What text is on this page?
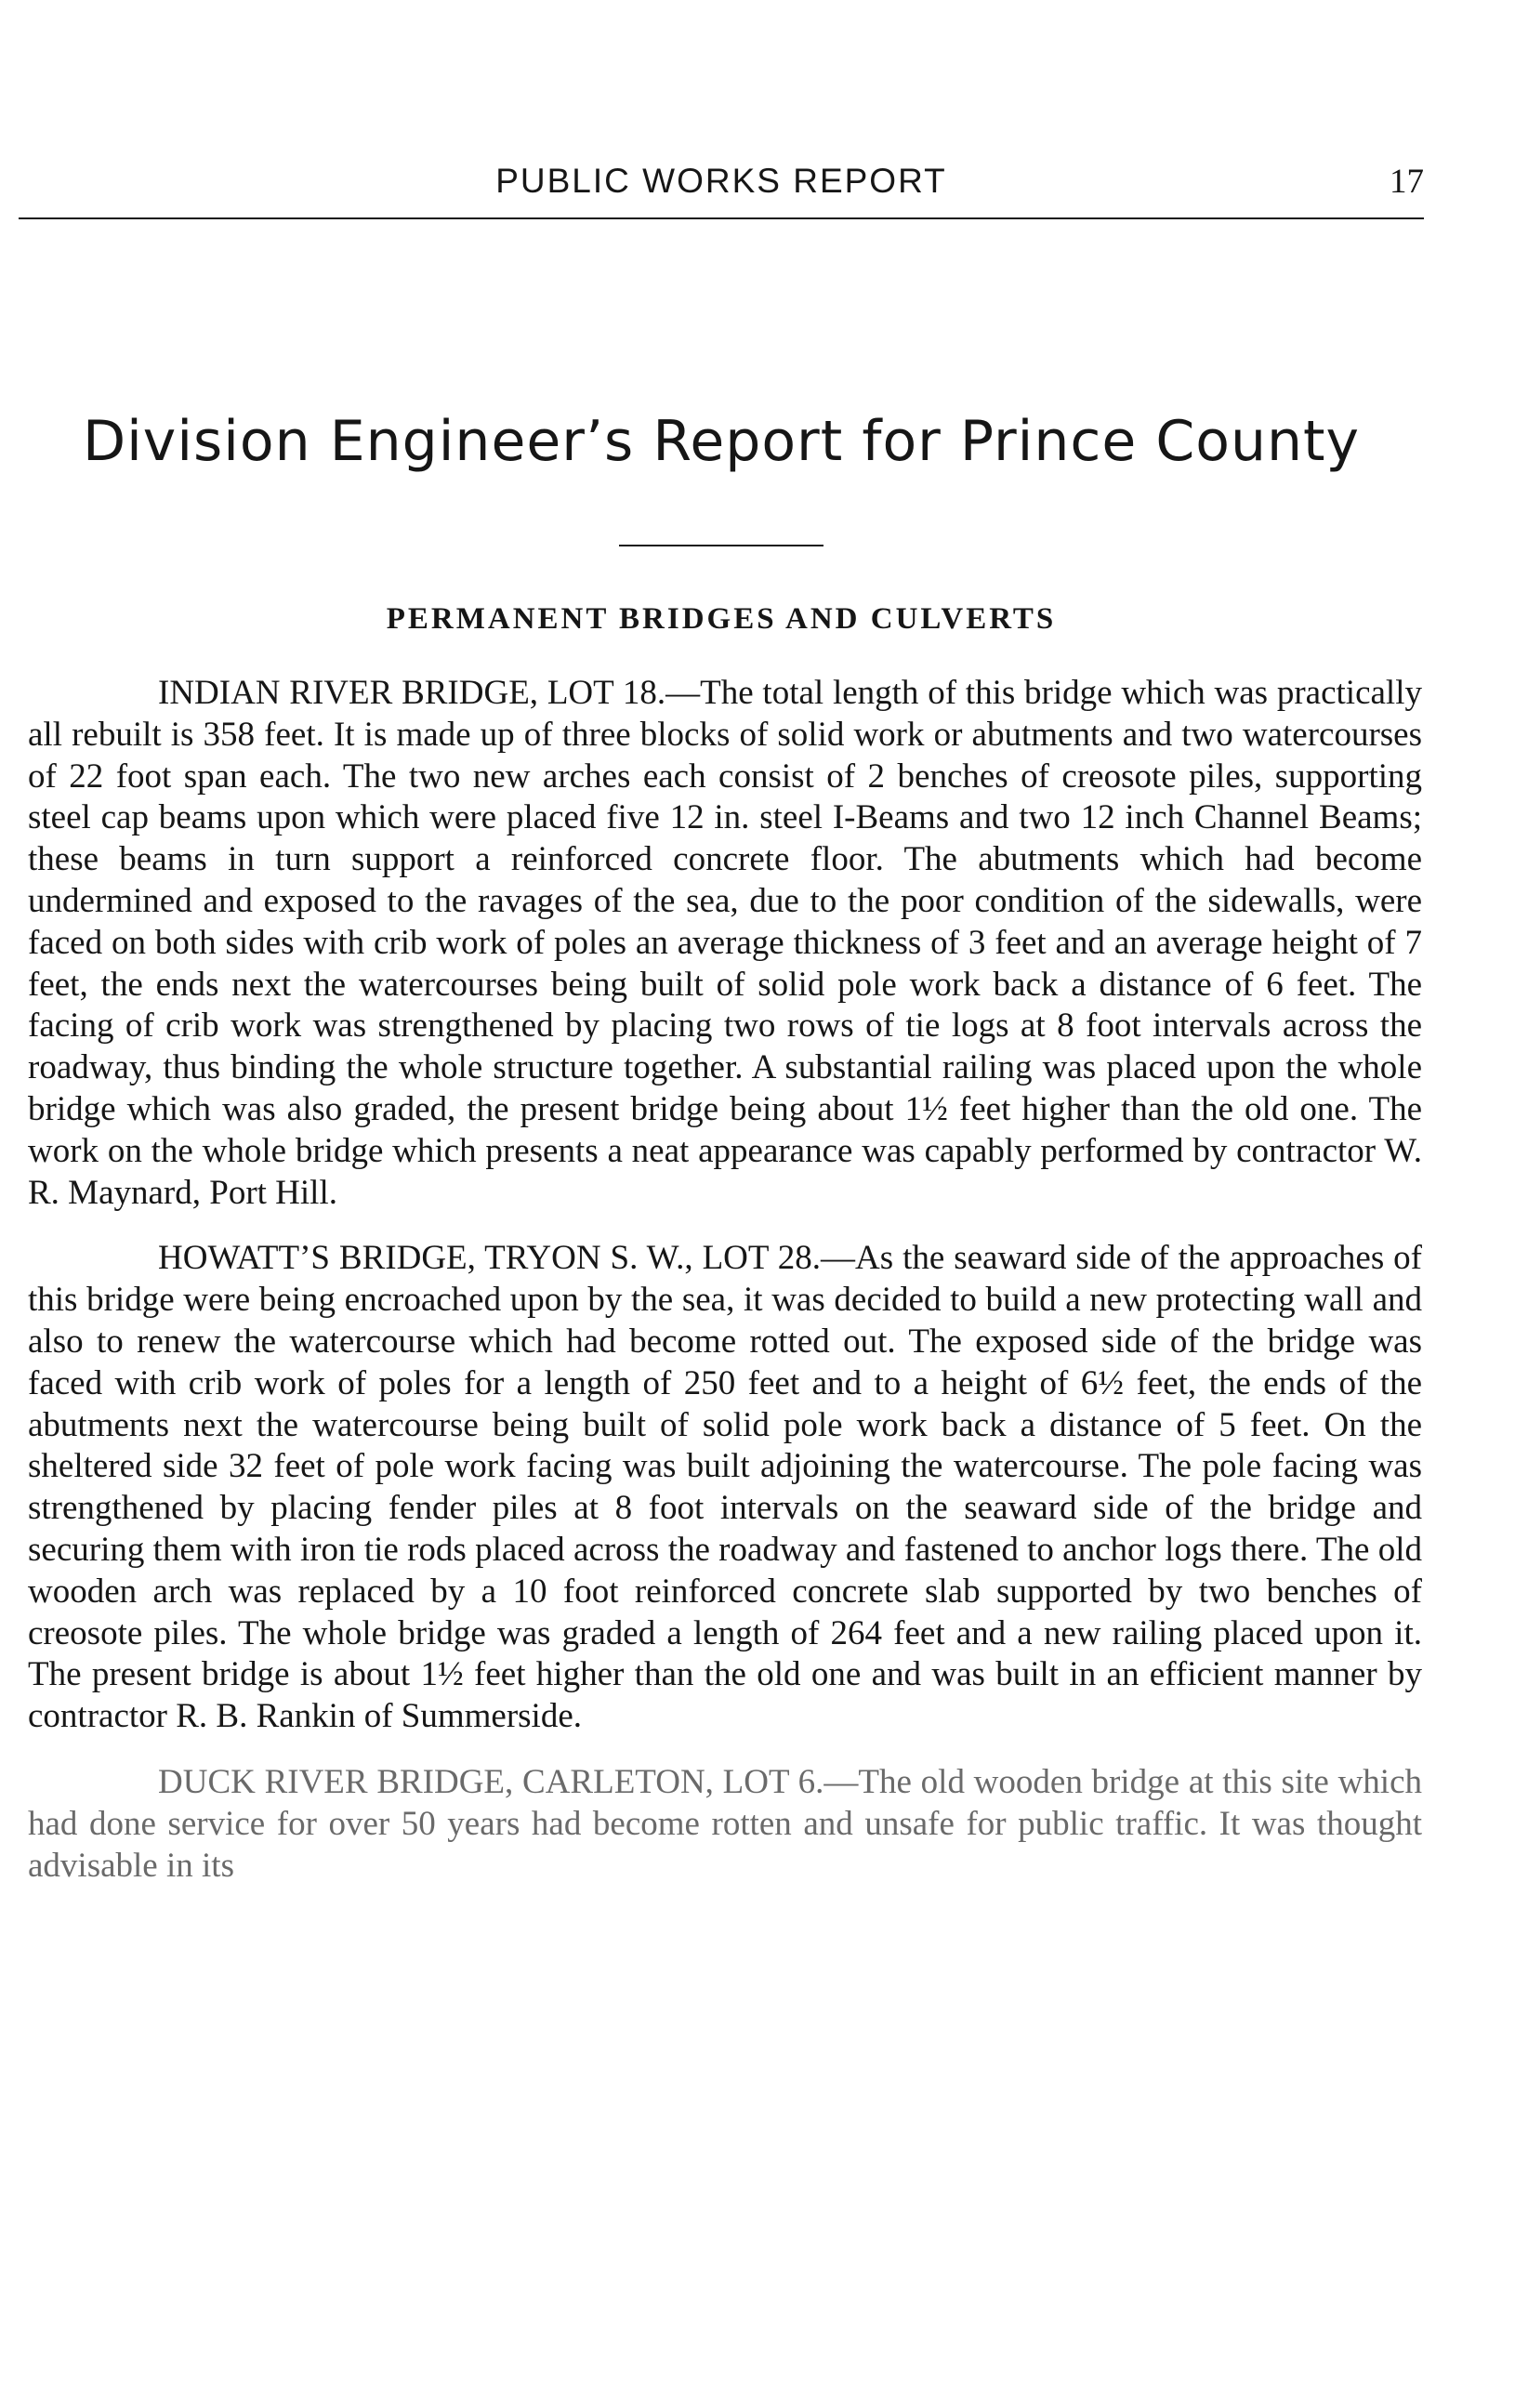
PUBLIC WORKS REPORT	17
Division Engineer’s Report for Prince County
PERMANENT BRIDGES AND CULVERTS

INDIAN RIVER BRIDGE, LOT 18.—The total length of this bridge which was practically all rebuilt is 358 feet. It is made up of three blocks of solid work or abutments and two watercourses of 22 foot span each. The two new arches each consist of 2 benches of creosote piles, supporting steel cap beams upon which were placed five 12 in. steel I-Beams and two 12 inch Channel Beams; these beams in turn support a reinforced concrete floor. The abutments which had become undermined and exposed to the ravages of the sea, due to the poor condition of the sidewalls, were faced on both sides with crib work of poles an average thickness of 3 feet and an average height of 7 feet, the ends next the watercourses being built of solid pole work back a distance of 6 feet. The facing of crib work was strengthened by placing two rows of tie logs at 8 foot intervals across the roadway, thus binding the whole structure together. A substantial railing was placed upon the whole bridge which was also graded, the present bridge being about 1½ feet higher than the old one. The work on the whole bridge which presents a neat appearance was capably performed by contractor W. R. Maynard, Port Hill.

HOWATT’S BRIDGE, TRYON S. W., LOT 28.—As the seaward side of the approaches of this bridge were being encroached upon by the sea, it was decided to build a new protecting wall and also to renew the watercourse which had become rotted out. The exposed side of the bridge was faced with crib work of poles for a length of 250 feet and to a height of 6½ feet, the ends of the abutments next the watercourse being built of solid pole work back a distance of 5 feet. On the sheltered side 32 feet of pole work facing was built adjoining the watercourse. The pole facing was strengthened by placing fender piles at 8 foot intervals on the seaward side of the bridge and securing them with iron tie rods placed across the roadway and fastened to anchor logs there. The old wooden arch was replaced by a 10 foot reinforced concrete slab supported by two benches of creosote piles. The whole bridge was graded a length of 264 feet and a new railing placed upon it. The present bridge is about 1½ feet higher than the old one and was built in an efficient manner by contractor R. B. Rankin of Summerside.

DUCK RIVER BRIDGE, CARLETON, LOT 6.—The old wooden bridge at this site which had done service for over 50 years had become rotten and unsafe for public traffic. It was thought advisable in its
